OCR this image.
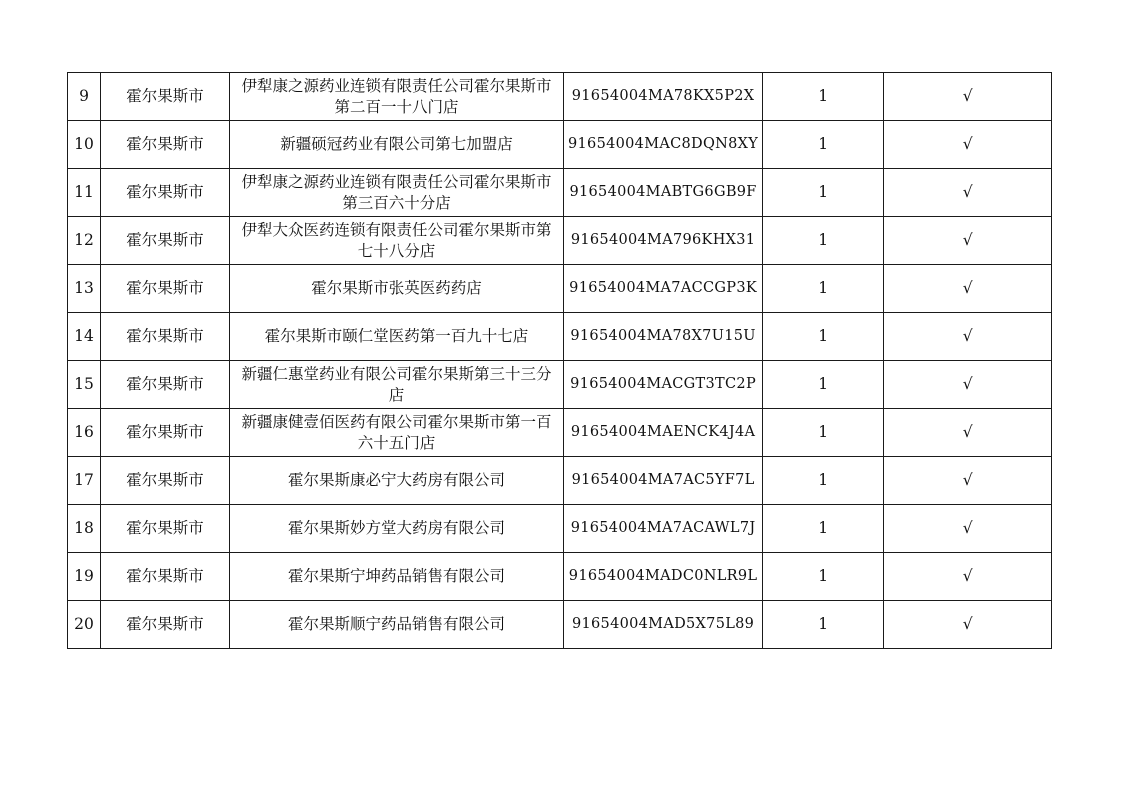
9	霍尔果斯市	伊犁康之源药业连锁有限责任公司霍尔果斯市第二百一十八门店	91654004MA78KX5P2X	1	√
10	霍尔果斯市	新疆硕冠药业有限公司第七加盟店	91654004MAC8DQN8XY	1	√
11	霍尔果斯市	伊犁康之源药业连锁有限责任公司霍尔果斯市第三百六十分店	91654004MABTG6GB9F	1	√
12	霍尔果斯市	伊犁大众医药连锁有限责任公司霍尔果斯市第七十八分店	91654004MA796KHX31	1	√
13	霍尔果斯市	霍尔果斯市张英医药药店	91654004MA7ACCGP3K	1	√
14	霍尔果斯市	霍尔果斯市颐仁堂医药第一百九十七店	91654004MA78X7U15U	1	√
15	霍尔果斯市	新疆仁惠堂药业有限公司霍尔果斯第三十三分店	91654004MACGT3TC2P	1	√
16	霍尔果斯市	新疆康健壹佰医药有限公司霍尔果斯市第一百六十五门店	91654004MAENCK4J4A	1	√
17	霍尔果斯市	霍尔果斯康必宁大药房有限公司	91654004MA7AC5YF7L	1	√
18	霍尔果斯市	霍尔果斯妙方堂大药房有限公司	91654004MA7ACAWL7J	1	√
19	霍尔果斯市	霍尔果斯宁坤药品销售有限公司	91654004MADC0NLR9L	1	√
20	霍尔果斯市	霍尔果斯顺宁药品销售有限公司	91654004MAD5X75L89	1	√
